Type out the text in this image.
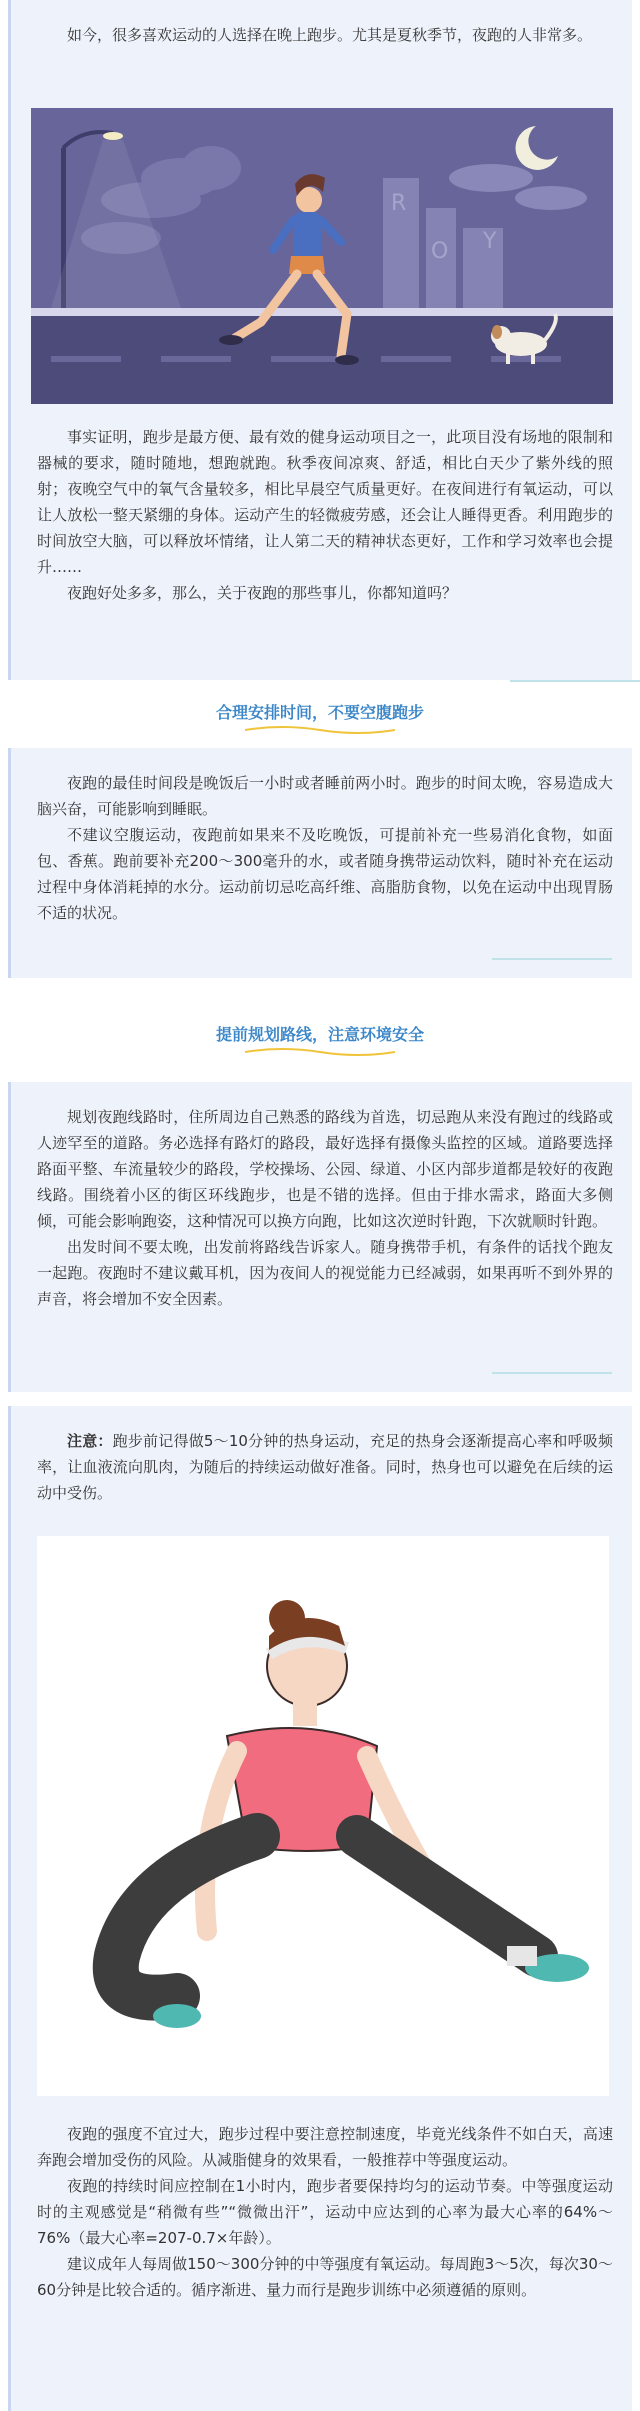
如今，很多喜欢运动的人选择在晚上跑步。尤其是夏秋季节，夜跑的人非常多。

R
O Y

事实证明，跑步是最方便、最有效的健身运动项目之一，此项目没有场地的限制和器械的要求，随时随地，想跑就跑。秋季夜间凉爽、舒适，相比白天少了紫外线的照射；夜晚空气中的氧气含量较多，相比早晨空气质量更好。在夜间进行有氧运动，可以让人放松一整天紧绷的身体。运动产生的轻微疲劳感，还会让人睡得更香。利用跑步的时间放空大脑，可以释放坏情绪，让人第二天的精神状态更好，工作和学习效率也会提升……

夜跑好处多多，那么，关于夜跑的那些事儿，你都知道吗？

合理安排时间，不要空腹跑步

夜跑的最佳时间段是晚饭后一小时或者睡前两小时。跑步的时间太晚，容易造成大脑兴奋，可能影响到睡眠。

不建议空腹运动，夜跑前如果来不及吃晚饭，可提前补充一些易消化食物，如面包、香蕉。跑前要补充200～300毫升的水，或者随身携带运动饮料，随时补充在运动过程中身体消耗掉的水分。运动前切忌吃高纤维、高脂肪食物，以免在运动中出现胃肠不适的状况。

提前规划路线，注意环境安全

规划夜跑线路时，住所周边自己熟悉的路线为首选，切忌跑从来没有跑过的线路或人迹罕至的道路。务必选择有路灯的路段，最好选择有摄像头监控的区域。道路要选择路面平整、车流量较少的路段，学校操场、公园、绿道、小区内部步道都是较好的夜跑线路。围绕着小区的街区环线跑步，也是不错的选择。但由于排水需求，路面大多侧倾，可能会影响跑姿，这种情况可以换方向跑，比如这次逆时针跑，下次就顺时针跑。

出发时间不要太晚，出发前将路线告诉家人。随身携带手机，有条件的话找个跑友一起跑。夜跑时不建议戴耳机，因为夜间人的视觉能力已经减弱，如果再听不到外界的声音，将会增加不安全因素。

注意：跑步前记得做5～10分钟的热身运动，充足的热身会逐渐提高心率和呼吸频率，让血液流向肌肉，为随后的持续运动做好准备。同时，热身也可以避免在后续的运动中受伤。

夜跑的强度不宜过大，跑步过程中要注意控制速度，毕竟光线条件不如白天，高速奔跑会增加受伤的风险。从减脂健身的效果看，一般推荐中等强度运动。

夜跑的持续时间应控制在1小时内，跑步者要保持均匀的运动节奏。中等强度运动时的主观感觉是“稍微有些”“微微出汗”，运动中应达到的心率为最大心率的64%～76%（最大心率=207-0.7×年龄）。

建议成年人每周做150～300分钟的中等强度有氧运动。每周跑3～5次，每次30～60分钟是比较合适的。循序渐进、量力而行是跑步训练中必须遵循的原则。
